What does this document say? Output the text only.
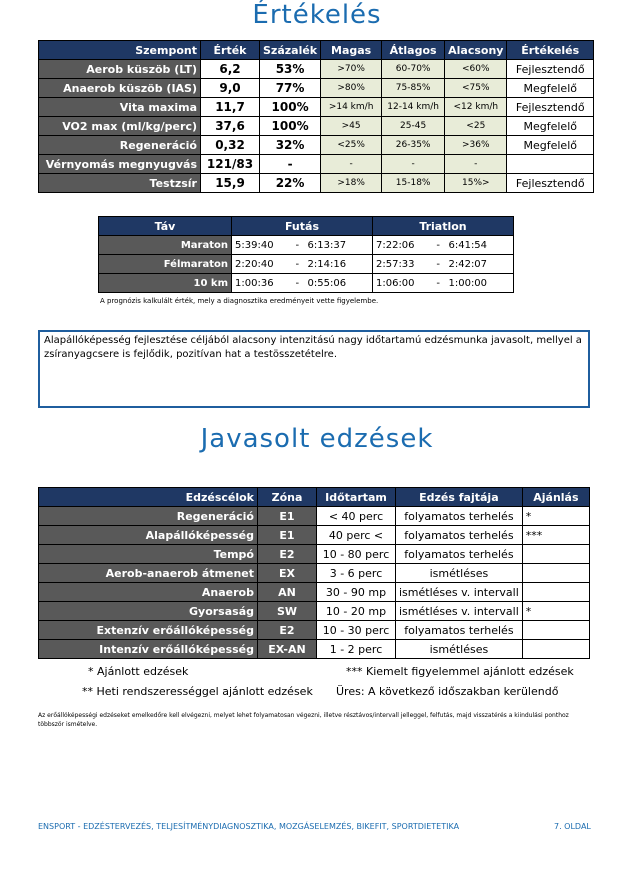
Értékelés
Szempont	Érték	Százalék	Magas	Átlagos	Alacsony	Értékelés
Aerob küszöb (LT)	6,2	53%	>70%	60-70%	<60%	Fejlesztendő
Anaerob küszöb (IAS)	9,0	77%	>80%	75-85%	<75%	Megfelelő
Vita maxima	11,7	100%	>14 km/h	12-14 km/h	<12 km/h	Fejlesztendő
VO2 max (ml/kg/perc)	37,6	100%	>45	25-45	<25	Megfelelő
Regeneráció	0,32	32%	<25%	26-35%	>36%	Megfelelő
Vérnyomás megnyugvás	121/83	-	-	-	-	
Testzsír	15,9	22%	>18%	15-18%	15%>	Fejlesztendő
Táv	Futás			Triatlon		
Maraton	5:39:40	-	6:13:37	7:22:06	-	6:41:54
Félmaraton	2:20:40	-	2:14:16	2:57:33	-	2:42:07
10 km	1:00:36	-	0:55:06	1:06:00	-	1:00:00
A prognózis kalkulált érték, mely a diagnosztika eredményeit vette figyelembe.
Alapállóképesség fejlesztése céljából alacsony intenzitású nagy időtartamú edzésmunka javasolt, mellyel a zsíranyagcsere is fejlődik, pozitívan hat a testösszetételre.
Javasolt edzések
Edzéscélok	Zóna	Időtartam	Edzés fajtája	Ajánlás
Regeneráció	E1	< 40 perc	folyamatos terhelés	*
Alapállóképesség	E1	40 perc <	folyamatos terhelés	***
Tempó	E2	10 - 80 perc	folyamatos terhelés	
Aerob-anaerob átmenet	EX	3 - 6 perc	ismétléses	
Anaerob	AN	30 - 90 mp	ismétléses v. intervall	
Gyorsaság	SW	10 - 20 mp	ismétléses v. intervall	*
Extenzív erőállóképesség	E2	10 - 30 perc	folyamatos terhelés	
Intenzív erőállóképesség	EX-AN	1 - 2 perc	ismétléses	
* Ajánlott edzések	*** Kiemelt figyelemmel ajánlott edzések
** Heti rendszerességgel ajánlott edzések Üres: A következő időszakban kerülendő
Az erőállóképességi edzéseket emelkedőre kell elvégezni, melyet lehet folyamatosan végezni, illetve résztávos/intervall jelleggel, felfutás, majd visszatérés a kiindulási ponthoz többször ismételve.
ENSPORT - EDZÉSTERVEZÉS, TELJESÍTMÉNYDIAGNOSZTIKA, MOZGÁSELEMZÉS, BIKEFIT, SPORTDIETETIKA	7. OLDAL
